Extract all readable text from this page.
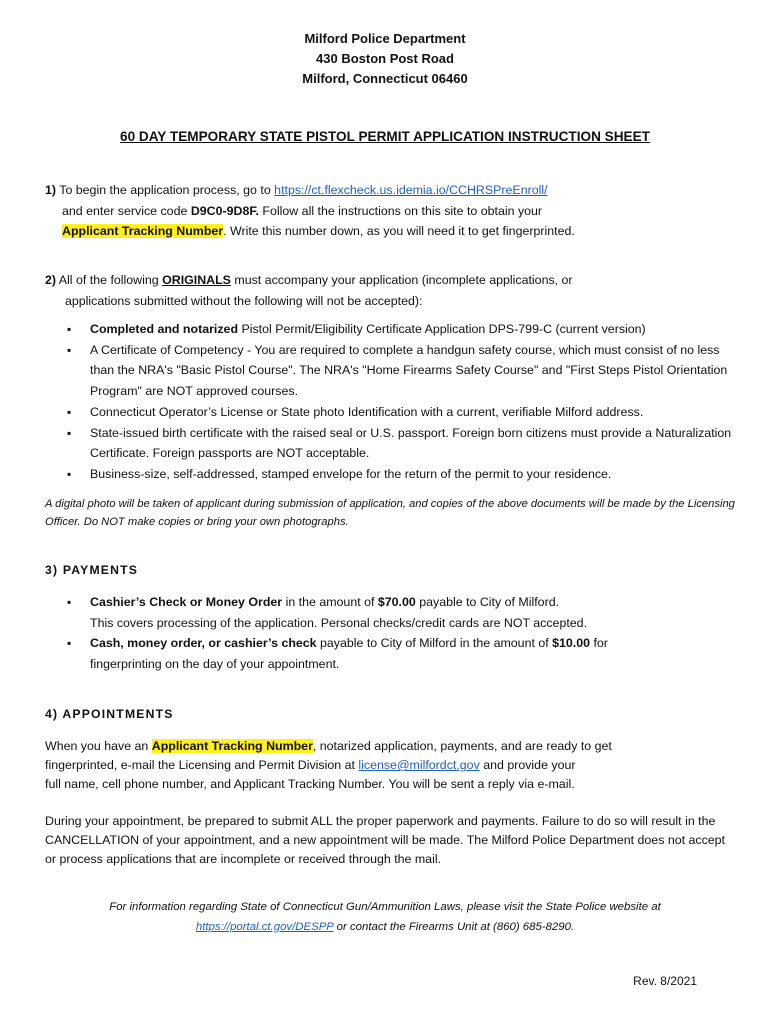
Milford Police Department
430 Boston Post Road
Milford, Connecticut 06460
60 DAY TEMPORARY STATE PISTOL PERMIT APPLICATION INSTRUCTION SHEET
1) To begin the application process, go to https://ct.flexcheck.us.idemia.io/CCHRSPreEnroll/
and enter service code D9C0-9D8F. Follow all the instructions on this site to obtain your
Applicant Tracking Number. Write this number down, as you will need it to get fingerprinted.
2) All of the following ORIGINALS must accompany your application (incomplete applications, or
applications submitted without the following will not be accepted):
▪ Completed and notarized Pistol Permit/Eligibility Certificate Application DPS-799-C (current version)
▪ A Certificate of Competency - You are required to complete a handgun safety course, which must consist of no less than the NRA's "Basic Pistol Course". The NRA's "Home Firearms Safety Course" and "First Steps Pistol Orientation Program" are NOT approved courses.
▪ Connecticut Operator’s License or State photo Identification with a current, verifiable Milford address.
▪ State-issued birth certificate with the raised seal or U.S. passport. Foreign born citizens must provide a Naturalization Certificate. Foreign passports are NOT acceptable.
▪ Business-size, self-addressed, stamped envelope for the return of the permit to your residence.
A digital photo will be taken of applicant during submission of application, and copies of the above documents will be made by the Licensing Officer. Do NOT make copies or bring your own photographs.
3) PAYMENTS
▪ Cashier’s Check or Money Order in the amount of $70.00 payable to City of Milford.
This covers processing of the application. Personal checks/credit cards are NOT accepted.
▪ Cash, money order, or cashier’s check payable to City of Milford in the amount of $10.00 for
fingerprinting on the day of your appointment.
4) APPOINTMENTS
When you have an Applicant Tracking Number, notarized application, payments, and are ready to get
fingerprinted, e-mail the Licensing and Permit Division at license@milfordct.gov and provide your
full name, cell phone number, and Applicant Tracking Number. You will be sent a reply via e-mail.
During your appointment, be prepared to submit ALL the proper paperwork and payments. Failure to do so will result in the CANCELLATION of your appointment, and a new appointment will be made. The Milford Police Department does not accept or process applications that are incomplete or received through the mail.
For information regarding State of Connecticut Gun/Ammunition Laws, please visit the State Police website at
https://portal.ct.gov/DESPP or contact the Firearms Unit at (860) 685-8290.
Rev. 8/2021
